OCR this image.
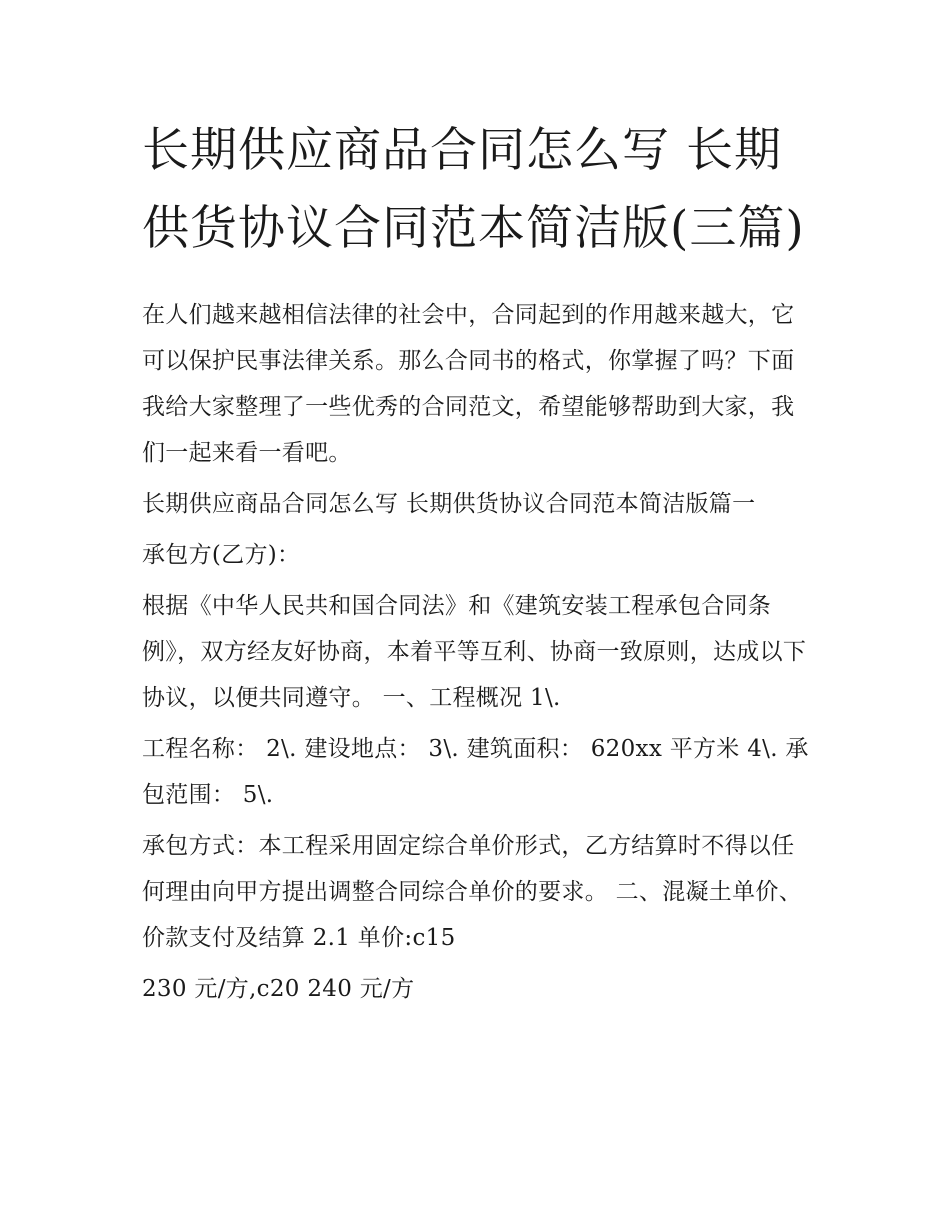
长期供应商品合同怎么写 长期供货协议合同范本简洁版(三篇)

在人们越来越相信法律的社会中，合同起到的作用越来越大，它可以保护民事法律关系。那么合同书的格式，你掌握了吗？下面我给大家整理了一些优秀的合同范文，希望能够帮助到大家，我们一起来看一看吧。

长期供应商品合同怎么写 长期供货协议合同范本简洁版篇一

承包方(乙方)：

根据《中华人民共和国合同法》和《建筑安装工程承包合同条例》，双方经友好协商，本着平等互利、协商一致原则，达成以下协议，以便共同遵守。 一、工程概况 1\.

工程名称： 2\. 建设地点： 3\. 建筑面积： 620xx 平方米 4\. 承包范围： 5\.

承包方式：本工程采用固定综合单价形式，乙方结算时不得以任何理由向甲方提出调整合同综合单价的要求。 二、混凝土单价、价款支付及结算 2.1 单价:c15

230 元/方,c20 240 元/方
